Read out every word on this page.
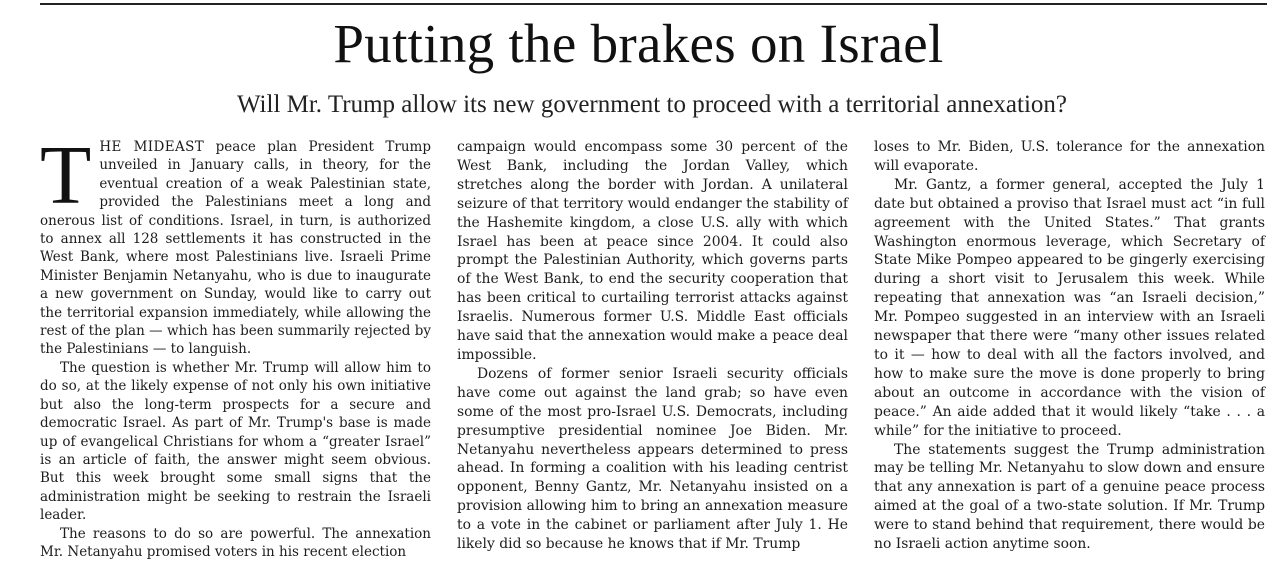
Putting the brakes on Israel
Will Mr. Trump allow its new government to proceed with a territorial annexation?

THE MIDEAST peace plan President Trump unveiled in January calls, in theory, for the eventual creation of a weak Palestinian state, provided the Palestinians meet a long and onerous list of conditions. Israel, in turn, is authorized to annex all 128 settlements it has constructed in the West Bank, where most Palestinians live. Israeli Prime Minister Benjamin Netanyahu, who is due to inaugurate a new government on Sunday, would like to carry out the territorial expansion immediately, while allowing the rest of the plan — which has been summarily rejected by the Palestinians — to languish.

The question is whether Mr. Trump will allow him to do so, at the likely expense of not only his own initiative but also the long-term prospects for a secure and democratic Israel. As part of Mr. Trump's base is made up of evangelical Christians for whom a “greater Israel” is an article of faith, the answer might seem obvious. But this week brought some small signs that the administration might be seeking to restrain the Israeli leader.

The reasons to do so are powerful. The annexation Mr. Netanyahu promised voters in his recent election

campaign would encompass some 30 percent of the West Bank, including the Jordan Valley, which stretches along the border with Jordan. A unilateral seizure of that territory would endanger the stability of the Hashemite kingdom, a close U.S. ally with which Israel has been at peace since 2004. It could also prompt the Palestinian Authority, which governs parts of the West Bank, to end the security cooperation that has been critical to curtailing terrorist attacks against Israelis. Numerous former U.S. Middle East officials have said that the annexation would make a peace deal impossible.

Dozens of former senior Israeli security officials have come out against the land grab; so have even some of the most pro-Israel U.S. Democrats, including presumptive presidential nominee Joe Biden. Mr. Netanyahu nevertheless appears determined to press ahead. In forming a coalition with his leading centrist opponent, Benny Gantz, Mr. Netanyahu insisted on a provision allowing him to bring an annexation measure to a vote in the cabinet or parliament after July 1. He likely did so because he knows that if Mr. Trump

loses to Mr. Biden, U.S. tolerance for the annexation will evaporate.

Mr. Gantz, a former general, accepted the July 1 date but obtained a proviso that Israel must act “in full agreement with the United States.” That grants Washington enormous leverage, which Secretary of State Mike Pompeo appeared to be gingerly exercising during a short visit to Jerusalem this week. While repeating that annexation was “an Israeli decision,” Mr. Pompeo suggested in an interview with an Israeli newspaper that there were “many other issues related to it — how to deal with all the factors involved, and how to make sure the move is done properly to bring about an outcome in accordance with the vision of peace.” An aide added that it would likely “take . . . a while” for the initiative to proceed.

The statements suggest the Trump administration may be telling Mr. Netanyahu to slow down and ensure that any annexation is part of a genuine peace process aimed at the goal of a two-state solution. If Mr. Trump were to stand behind that requirement, there would be no Israeli action anytime soon.
